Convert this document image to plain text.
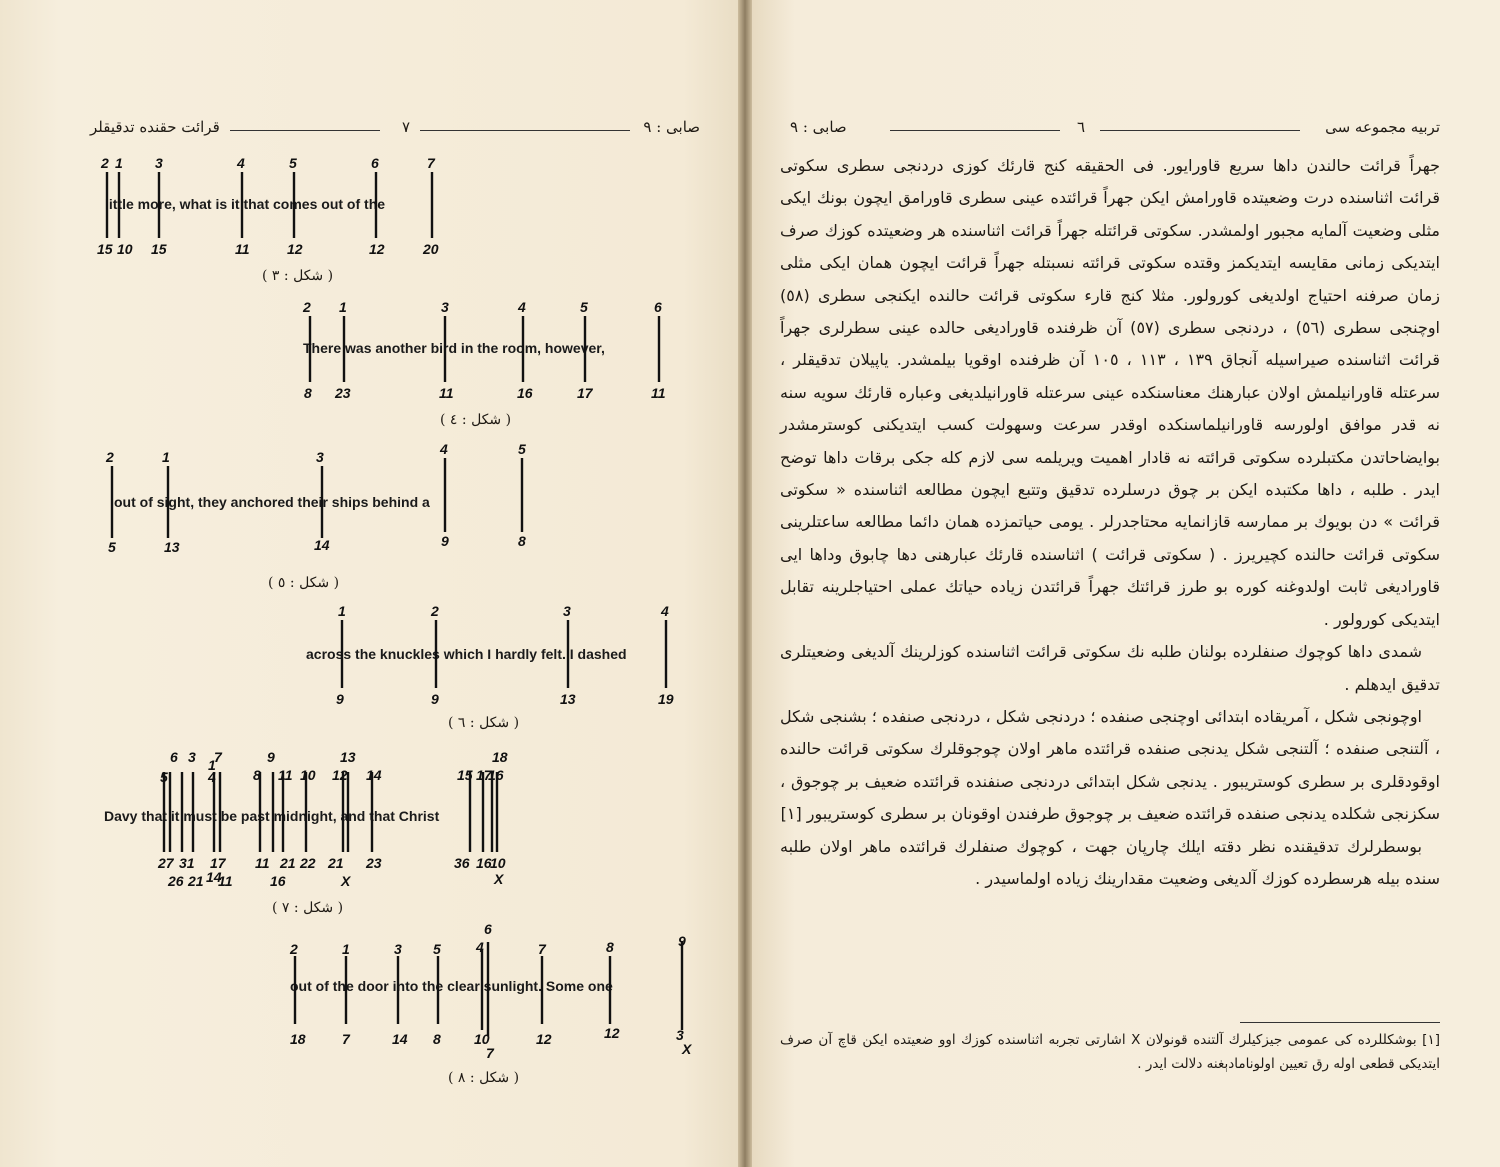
صابی : ٩
٧
قرائت حقنده تدقيقلر	تربيه مجموعه سى
٦
صابى : ٩
little more, what is it that comes out of the
2 1 3	4	5	6	7
15 10 15	11	12	12	20
( شكل : ٣ )
There was another bird in the room, however,
2 1	3	4	5	6
8 23	11	16	17	11
( شكل : ٤ )
out of sight, they anchored their ships behind a
2	1	3	4	5
5	13	14	9	8
( شكل : ٥ )
across the knuckles which I hardly felt. I dashed
1	2	3	4
9	9	13	19
( شكل : ٦ )
Davy that it must be past midnight, and that Christ
6 3
5
1
7
4	8
9
11 10 12
13
14	15 17
16
18
27 31
26 21
17
14
11
11
16
21 22 21
X
23	36 16
10
X
( شكل : ٧ )
out of the door into the clear sunlight. Some one
2	1	3 5	4
6
7	8	9
18	7	14 8 10
7
12	12	3
X
( شكل : ٨ )

جهراً قرائت حالندن داها سريع قاورايور. فى الحقيقه كنج قارئك كوزى دردنجى سطرى سكوتى قرائت اثناسنده درت وضعيتده قاورامش ايكن جهراً قرائتده عينى سطرى قاورامق ايچون بونك ايكى مثلى وضعيت آلمايه مجبور اولمشدر. سكوتى قرائتله جهراً قرائت اثناسنده هر وضعيتده كوزك صرف ايتديكى زمانى مقايسه ايتديكمز وقتده سكوتى قرائته نسبتله جهراً قرائت ايچون همان ايكى مثلى زمان صرفنه احتياج اولديغى كورولور. مثلا كنج قارء سكوتى قرائت حالنده ايكنجى سطرى (٥٨) اوچنجى سطرى (٥٦) ، دردنجى سطرى (٥٧) آن ظرفنده قاوراديغى حالده عينى سطرلرى جهراً قرائت اثناسنده صيراسيله آنجاق ١٣٩ ، ١١٣ ، ١٠٥ آن ظرفنده اوقويا بيلمشدر. ياپيلان تدقيقلر ، سرعتله قاورانيلمش اولان عبارهنك معناسنكده عينى سرعتله قاورانيلديغى وعباره قارئك سويه سنه نه قدر موافق اولورسه قاورانيلماسنكده اوقدر سرعت وسهولت كسب ايتديكنى كوسترمشدر بوايضاحاتدن مكتبلرده سكوتى قرائته نه قادار اهميت ويريلمه سى لازم كله جكى برقات داها توضح ايدر . طلبه ، داها مكتبده ايكن بر چوق درسلرده تدقيق وتتبع ايچون مطالعه اثناسنده « سكوتى قرائت » دن بويوك بر ممارسه قازانمايه محتاجدرلر . يومى حياتمزده همان دائما مطالعه ساعتلرينى سكوتى قرائت حالنده كچيريرز . ( سكوتى قرائت ) اثناسنده قارئك عبارهنى دها چابوق وداها ايى قاوراديغى ثابت اولدوغنه كوره بو طرز قرائتك جهراً قرائتدن زياده حياتك عملى احتياجلرينه تقابل ايتديكى كورولور .

شمدى داها كوچوك صنفلرده بولنان طلبه نك سكوتى قرائت اثناسنده كوزلرينك آلديغى وضعيتلرى تدقيق ايدهلم .

اوچونجى شكل ، آمريقاده ابتدائى اوچنجى صنفده ؛ دردنجى شكل ، دردنجى صنفده ؛ بشنجى شكل ، آلتنجى صنفده ؛ آلتنجى شكل يدنجى صنفده قرائتده ماهر اولان چوجوقلرك سكوتى قرائت حالنده اوقودقلرى بر سطرى كوستريبور . يدنجى شكل ابتدائى دردنجى صنفنده قرائتده ضعيف بر چوجوق ، سكزنجى شكلده يدنجى صنفده قرائتده ضعيف بر چوجوق طرفندن اوقونان بر سطرى كوستريبور [١]

بوسطرلرك تدقيقنده نظر دقته ايلك چارپان جهت ، كوچوك صنفلرك قرائتده ماهر اولان طلبه سنده بيله هرسطرده كوزك آلديغى وضعيت مقدارينك زياده اولماسيدر .

[١] بوشكللرده كى عمومى جيزكيلرك آلتنده قونولان X اشارتى تجربه اثناسنده كوزك اوو ضعيتده ايكن قاچ آن صرف ايتديكى قطعى اوله رق تعيين اولونامادېغنه دلالت ايدر .
